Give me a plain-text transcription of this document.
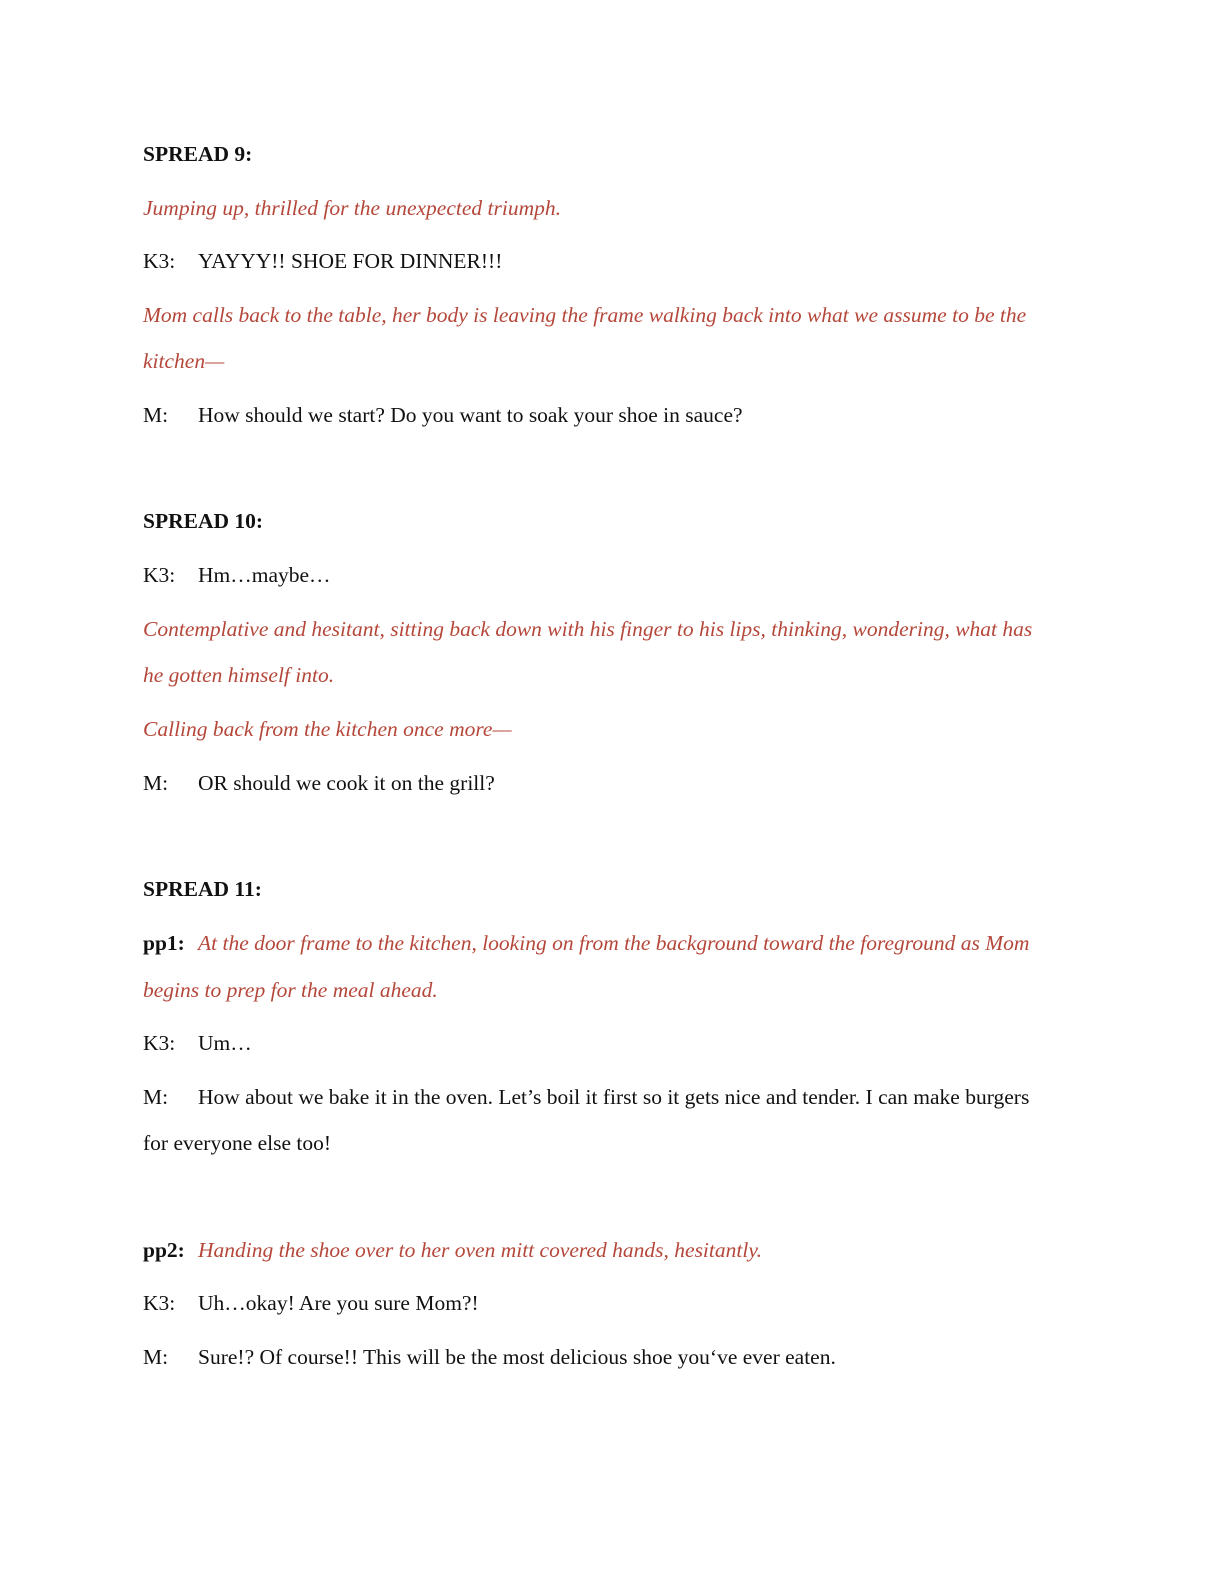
SPREAD 9:
Jumping up, thrilled for the unexpected triumph.
K3: YAYYY!! SHOE FOR DINNER!!!
Mom calls back to the table, her body is leaving the frame walking back into what we assume to be the
kitchen—
M: How should we start? Do you want to soak your shoe in sauce?
SPREAD 10:
K3: Hm…maybe…
Contemplative and hesitant, sitting back down with his finger to his lips, thinking, wondering, what has
he gotten himself into.
Calling back from the kitchen once more—
M: OR should we cook it on the grill?
SPREAD 11:
pp1: At the door frame to the kitchen, looking on from the background toward the foreground as Mom
begins to prep for the meal ahead.
K3: Um…
M: How about we bake it in the oven. Let’s boil it first so it gets nice and tender. I can make burgers
for everyone else too!
pp2: Handing the shoe over to her oven mitt covered hands, hesitantly.
K3: Uh…okay! Are you sure Mom?!
M: Sure!? Of course!! This will be the most delicious shoe you‘ve ever eaten.
